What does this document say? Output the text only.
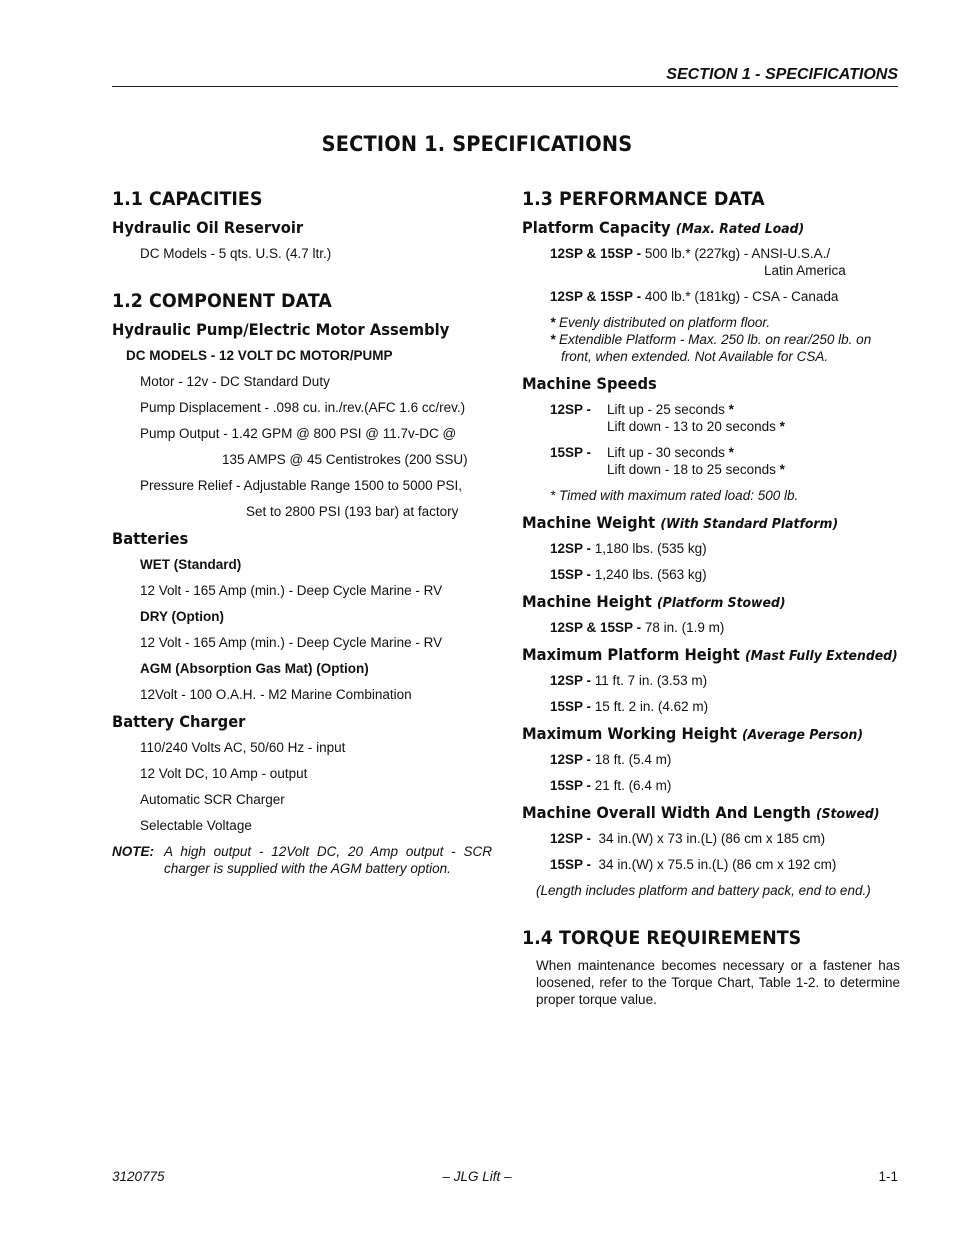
SECTION 1 - SPECIFICATIONS
SECTION 1. SPECIFICATIONS
1.1 CAPACITIES
Hydraulic Oil Reservoir
DC Models - 5 qts. U.S. (4.7 ltr.)
1.2 COMPONENT DATA
Hydraulic Pump/Electric Motor Assembly
DC MODELS - 12 VOLT DC MOTOR/PUMP
Motor - 12v - DC Standard Duty
Pump Displacement - .098 cu. in./rev.(AFC 1.6 cc/rev.)
Pump Output - 1.42 GPM @ 800 PSI @ 11.7v-DC @
135 AMPS @ 45 Centistrokes (200 SSU)
Pressure Relief - Adjustable Range 1500 to 5000 PSI,
Set to 2800 PSI (193 bar) at factory
Batteries
WET (Standard)
12 Volt - 165 Amp (min.) - Deep Cycle Marine - RV
DRY (Option)
12 Volt - 165 Amp (min.) - Deep Cycle Marine - RV
AGM (Absorption Gas Mat) (Option)
12Volt - 100 O.A.H. - M2 Marine Combination
Battery Charger
110/240 Volts AC, 50/60 Hz - input
12 Volt DC, 10 Amp - output
Automatic SCR Charger
Selectable Voltage
NOTE: A high output - 12Volt DC, 20 Amp output - SCR charger is supplied with the AGM battery option.
1.3 PERFORMANCE DATA
Platform Capacity (Max. Rated Load)
12SP & 15SP - 500 lb.* (227kg) - ANSI-U.S.A./
Latin America
12SP & 15SP - 400 lb.* (181kg) - CSA - Canada
* Evenly distributed on platform floor.
* Extendible Platform - Max. 250 lb. on rear/250 lb. on
front, when extended. Not Available for CSA.
Machine Speeds
12SP - Lift up - 25 seconds *
Lift down - 13 to 20 seconds *
15SP - Lift up - 30 seconds *
Lift down - 18 to 25 seconds *
* Timed with maximum rated load: 500 lb.
Machine Weight (With Standard Platform)
12SP - 1,180 lbs. (535 kg)
15SP - 1,240 lbs. (563 kg)
Machine Height (Platform Stowed)
12SP & 15SP - 78 in. (1.9 m)
Maximum Platform Height (Mast Fully Extended)
12SP - 11 ft. 7 in. (3.53 m)
15SP - 15 ft. 2 in. (4.62 m)
Maximum Working Height (Average Person)
12SP - 18 ft. (5.4 m)
15SP - 21 ft. (6.4 m)
Machine Overall Width And Length (Stowed)
12SP - 34 in.(W) x 73 in.(L) (86 cm x 185 cm)
15SP - 34 in.(W) x 75.5 in.(L) (86 cm x 192 cm)
(Length includes platform and battery pack, end to end.)
1.4 TORQUE REQUIREMENTS
When maintenance becomes necessary or a fastener has loosened, refer to the Torque Chart, Table 1-2. to determine proper torque value.
3120775	– JLG Lift –	1-1
